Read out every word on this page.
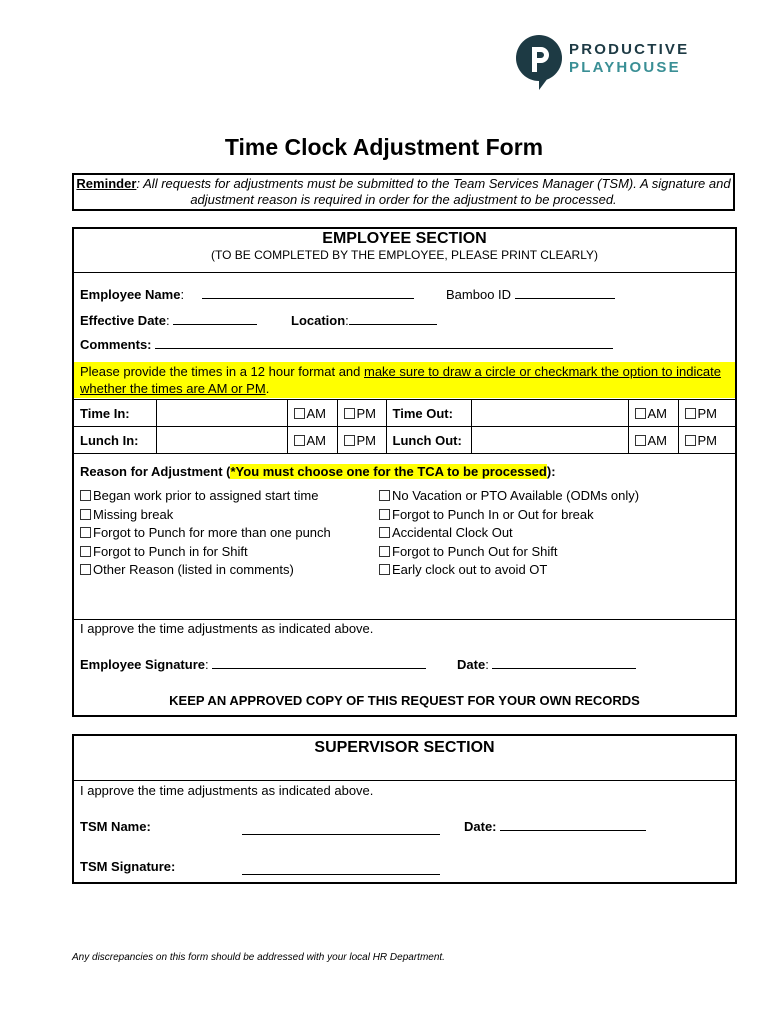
PRODUCTIVE
PLAYHOUSE
Time Clock Adjustment Form
Reminder: All requests for adjustments must be submitted to the Team Services Manager (TSM). A signature and adjustment reason is required in order for the adjustment to be processed.
EMPLOYEE SECTION
(TO BE COMPLETED BY THE EMPLOYEE, PLEASE PRINT CLEARLY)
Employee Name:	Bamboo ID
Effective Date:	Location:
Comments:
Please provide the times in a 12 hour format and make sure to draw a circle or checkmark the option to indicate whether the times are AM or PM.
Time In:		AM	PM	Time Out:		AM	PM
Lunch In:		AM	PM	Lunch Out:		AM	PM
Reason for Adjustment (*You must choose one for the TCA to be processed):
Began work prior to assigned start time
Missing break
Forgot to Punch for more than one punch
Forgot to Punch in for Shift
Other Reason (listed in comments)
No Vacation or PTO Available (ODMs only)
Forgot to Punch In or Out for break
Accidental Clock Out
Forgot to Punch Out for Shift
Early clock out to avoid OT
I approve the time adjustments as indicated above.
Employee Signature:	Date:
KEEP AN APPROVED COPY OF THIS REQUEST FOR YOUR OWN RECORDS
SUPERVISOR SECTION
I approve the time adjustments as indicated above.
TSM Name:	Date:
TSM Signature:
Any discrepancies on this form should be addressed with your local HR Department.
